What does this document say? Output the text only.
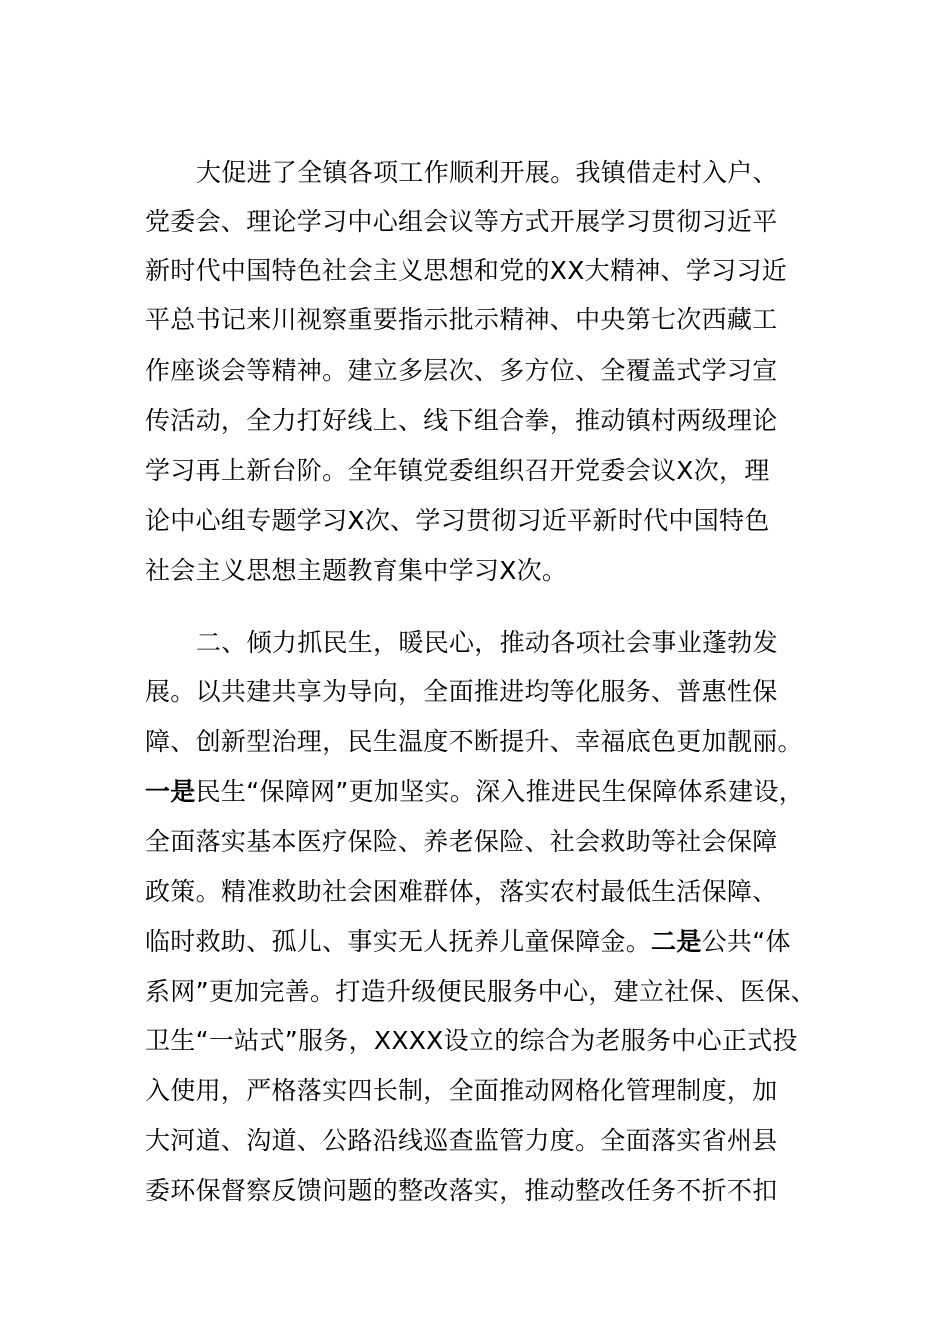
大促进了全镇各项工作顺利开展。我镇借走村入户、
党委会、理论学习中心组会议等方式开展学习贯彻习近平
新时代中国特色社会主义思想和党的XX大精神、学习习近
平总书记来川视察重要指示批示精神、中央第七次西藏工
作座谈会等精神。建立多层次、多方位、全覆盖式学习宣
传活动，全力打好线上、线下组合拳，推动镇村两级理论
学习再上新台阶。全年镇党委组织召开党委会议X次，理
论中心组专题学习X次、学习贯彻习近平新时代中国特色
社会主义思想主题教育集中学习X次。
二、倾力抓民生，暖民心，推动各项社会事业蓬勃发
展。以共建共享为导向，全面推进均等化服务、普惠性保
障、创新型治理，民生温度不断提升、幸福底色更加靓丽。
一是民生“保障网”更加坚实。深入推进民生保障体系建设，
全面落实基本医疗保险、养老保险、社会救助等社会保障
政策。精准救助社会困难群体，落实农村最低生活保障、
临时救助、孤儿、事实无人抚养儿童保障金。二是公共“体
系网”更加完善。打造升级便民服务中心，建立社保、医保、
卫生“一站式”服务，XXXX设立的综合为老服务中心正式投
入使用，严格落实四长制，全面推动网格化管理制度，加
大河道、沟道、公路沿线巡查监管力度。全面落实省州县
委环保督察反馈问题的整改落实，推动整改任务不折不扣
